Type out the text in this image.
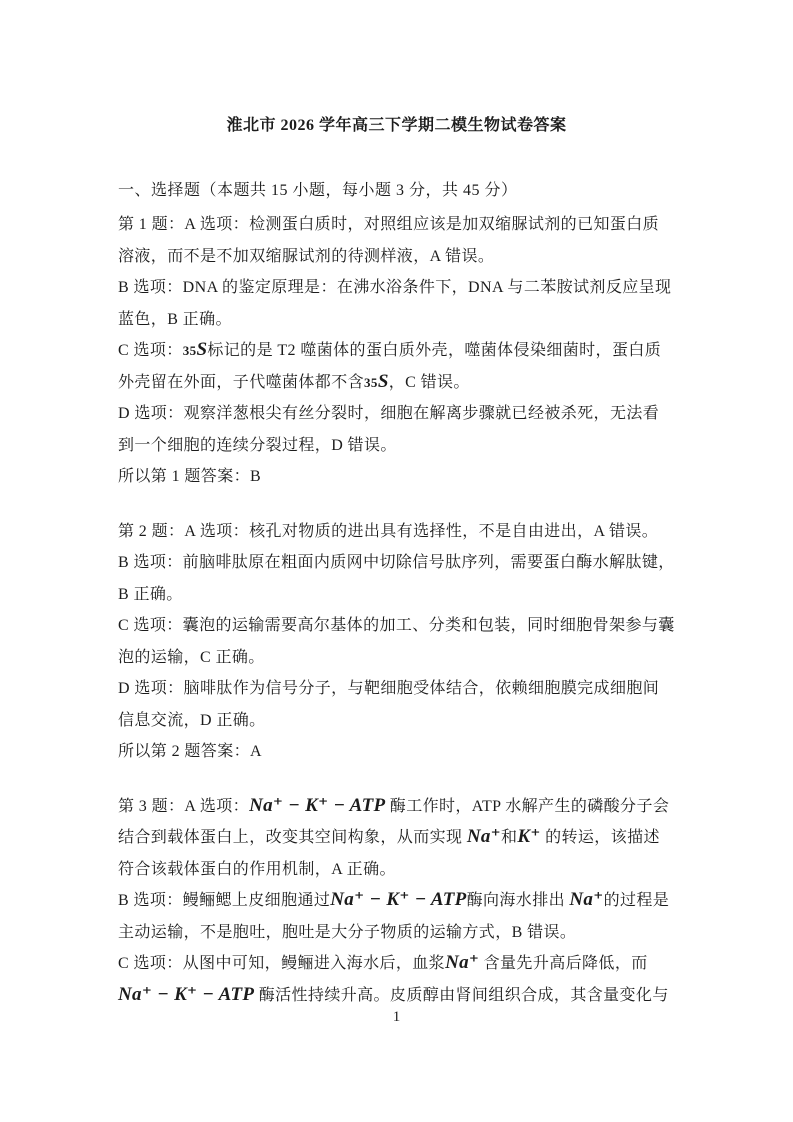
淮北市 2026 学年高三下学期二模生物试卷答案
一、选择题（本题共 15 小题，每小题 3 分，共 45 分）

第 1 题：A 选项：检测蛋白质时，对照组应该是加双缩脲试剂的已知蛋白质溶液，而不是不加双缩脲试剂的待测样液，A 错误。

B 选项：DNA 的鉴定原理是：在沸水浴条件下，DNA 与二苯胺试剂反应呈现蓝色，B 正确。

C 选项：35S标记的是 T2 噬菌体的蛋白质外壳，噬菌体侵染细菌时，蛋白质外壳留在外面，子代噬菌体都不含35S，C 错误。

D 选项：观察洋葱根尖有丝分裂时，细胞在解离步骤就已经被杀死，无法看到一个细胞的连续分裂过程，D 错误。

所以第 1 题答案：B

第 2 题：A 选项：核孔对物质的进出具有选择性，不是自由进出，A 错误。

B 选项：前脑啡肽原在粗面内质网中切除信号肽序列，需要蛋白酶水解肽键，B 正确。

C 选项：囊泡的运输需要高尔基体的加工、分类和包装，同时细胞骨架参与囊泡的运输，C 正确。

D 选项：脑啡肽作为信号分子，与靶细胞受体结合，依赖细胞膜完成细胞间信息交流，D 正确。

所以第 2 题答案：A

第 3 题：A 选项：Na⁺ − K⁺ − ATP 酶工作时，ATP 水解产生的磷酸分子会结合到载体蛋白上，改变其空间构象，从而实现 Na⁺和K⁺ 的转运，该描述符合该载体蛋白的作用机制，A 正确。

B 选项：鳗鲡鳃上皮细胞通过Na⁺ − K⁺ − ATP酶向海水排出 Na⁺的过程是主动运输，不是胞吐，胞吐是大分子物质的运输方式，B 错误。

C 选项：从图中可知，鳗鲡进入海水后，血浆Na⁺ 含量先升高后降低，而Na⁺ − K⁺ − ATP 酶活性持续升高。皮质醇由肾间组织合成，其含量变化与

1
